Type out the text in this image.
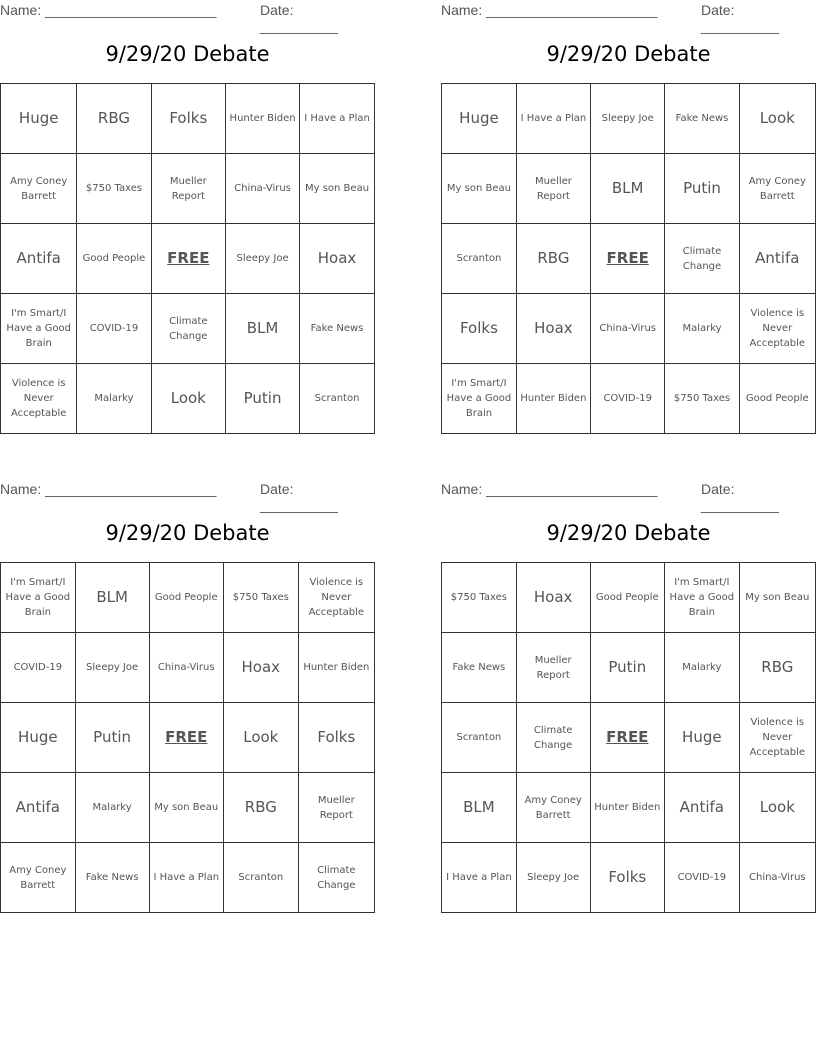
Name: ______________________	Date: __________
9/29/20 Debate
Huge	RBG	Folks	Hunter Biden	I Have a Plan
Amy Coney Barrett	$750 Taxes	Mueller Report	China-Virus	My son Beau
Antifa	Good People	FREE	Sleepy Joe	Hoax
I'm Smart/I Have a Good Brain	COVID-19	Climate Change	BLM	Fake News
Violence is Never Acceptable	Malarky	Look	Putin	Scranton
Name: ______________________	Date: __________
9/29/20 Debate
Huge	I Have a Plan	Sleepy Joe	Fake News	Look
My son Beau	Mueller Report	BLM	Putin	Amy Coney Barrett
Scranton	RBG	FREE	Climate Change	Antifa
Folks	Hoax	China-Virus	Malarky	Violence is Never Acceptable
I'm Smart/I Have a Good Brain	Hunter Biden	COVID-19	$750 Taxes	Good People
Name: ______________________	Date: __________
9/29/20 Debate
I'm Smart/I Have a Good Brain	BLM	Good People	$750 Taxes	Violence is Never Acceptable
COVID-19	Sleepy Joe	China-Virus	Hoax	Hunter Biden
Huge	Putin	FREE	Look	Folks
Antifa	Malarky	My son Beau	RBG	Mueller Report
Amy Coney Barrett	Fake News	I Have a Plan	Scranton	Climate Change
Name: ______________________	Date: __________
9/29/20 Debate
$750 Taxes	Hoax	Good People	I'm Smart/I Have a Good Brain	My son Beau
Fake News	Mueller Report	Putin	Malarky	RBG
Scranton	Climate Change	FREE	Huge	Violence is Never Acceptable
BLM	Amy Coney Barrett	Hunter Biden	Antifa	Look
I Have a Plan	Sleepy Joe	Folks	COVID-19	China-Virus
